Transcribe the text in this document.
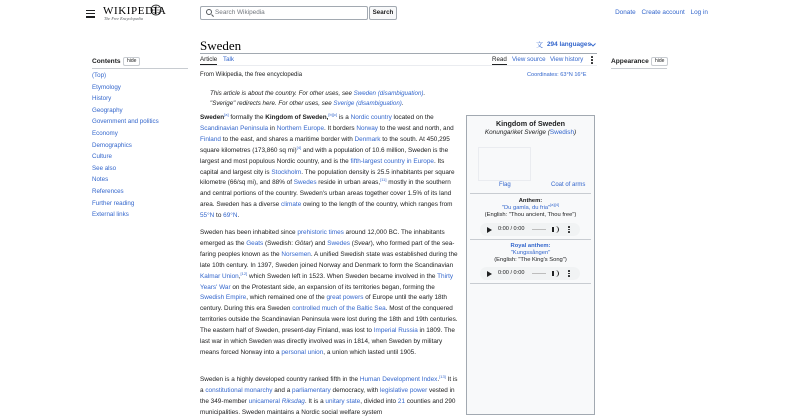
WIKIPEDIA
The Free Encyclopedia
Search Wikipedia	Search	Donate Create account Log in
Contents	hide
(Top)
Etymology
History
Geography
Government and politics
Economy
Demographics
Culture
See also
Notes
References
Further reading
External links
Sweden	文 294 languages
Article Talk	Read View source View history
From Wikipedia, the free encyclopedia	Coordinates: 63°N 16°E
Appearance	hide
This article is about the country. For other uses, see Sweden (disambiguation).
"Sverige" redirects here. For other uses, see Sverige (disambiguation).
Sweden[a] formally the Kingdom of Sweden,[b][c] is a Nordic country located on the Scandinavian Peninsula in Northern Europe. It borders Norway to the west and north, and Finland to the east, and shares a maritime border with Denmark to the south. At 450,295 square kilometres (173,860 sq mi)[4] and with a population of 10.6 million, Sweden is the largest and most populous Nordic country, and is the fifth-largest country in Europe. Its capital and largest city is Stockholm. The population density is 25.5 inhabitants per square kilometre (66/sq mi), and 88% of Swedes reside in urban areas,[11] mostly in the southern and central portions of the country. Sweden's urban areas together cover 1.5% of its land area. Sweden has a diverse climate owing to the length of the country, which ranges from 55°N to 69°N.
Sweden has been inhabited since prehistoric times around 12,000 BC. The inhabitants emerged as the Geats (Swedish: Götar) and Swedes (Svear), who formed part of the sea-faring peoples known as the Norsemen. A unified Swedish state was established during the late 10th century. In 1397, Sweden joined Norway and Denmark to form the Scandinavian Kalmar Union,[12] which Sweden left in 1523. When Sweden became involved in the Thirty Years' War on the Protestant side, an expansion of its territories began, forming the Swedish Empire, which remained one of the great powers of Europe until the early 18th century. During this era Sweden controlled much of the Baltic Sea. Most of the conquered territories outside the Scandinavian Peninsula were lost during the 18th and 19th centuries. The eastern half of Sweden, present-day Finland, was lost to Imperial Russia in 1809. The last war in which Sweden was directly involved was in 1814, when Sweden by military means forced Norway into a personal union, a union which lasted until 1905.
Sweden is a highly developed country ranked fifth in the Human Development Index.[13] It is a constitutional monarchy and a parliamentary democracy, with legislative power vested in the 349-member unicameral Riksdag. It is a unitary state, divided into 21 counties and 290 municipalities. Sweden maintains a Nordic social welfare system
Kingdom of Sweden
Konungariket Sverige (Swedish)
Flag	Coat of arms
Anthem:
"Du gamla, du fria"[a][4]
(English: "Thou ancient, Thou free")
0:00 / 0:00
Royal anthem:
"Kungssången"
(English: "The King's Song")
0:00 / 0:00
